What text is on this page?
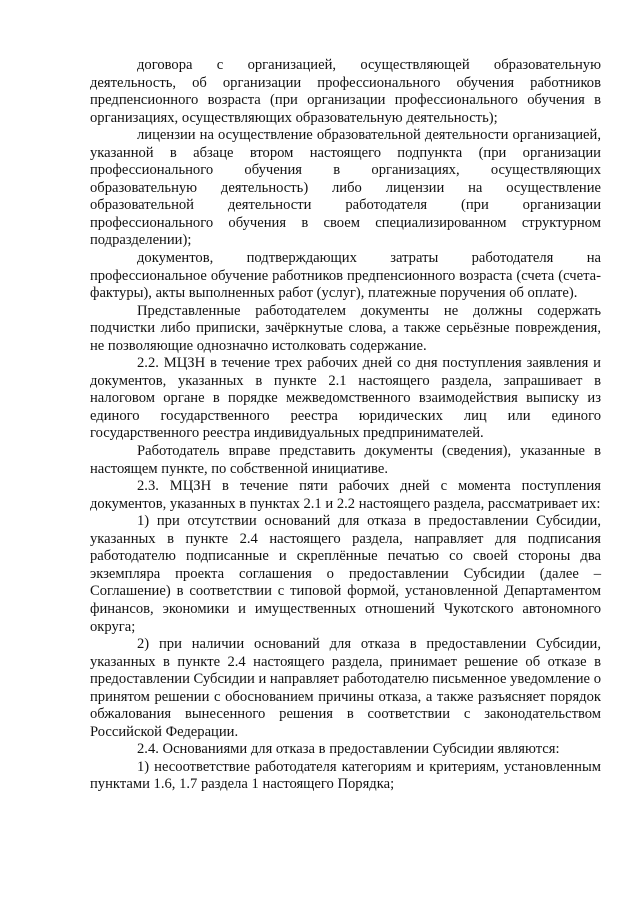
договора с организацией, осуществляющей образовательную деятельность, об организации профессионального обучения работников предпенсионного возраста (при организации профессионального обучения в организациях, осуществляющих образовательную деятельность);

лицензии на осуществление образовательной деятельности организацией, указанной в абзаце втором настоящего подпункта (при организации профессионального обучения в организациях, осуществляющих образовательную деятельность) либо лицензии на осуществление образовательной деятельности работодателя (при организации профессионального обучения в своем специализированном структурном подразделении);

документов, подтверждающих затраты работодателя на профессиональное обучение работников предпенсионного возраста (счета (счета-фактуры), акты выполненных работ (услуг), платежные поручения об оплате).

Представленные работодателем документы не должны содержать подчистки либо приписки, зачёркнутые слова, а также серьёзные повреждения, не позволяющие однозначно истолковать содержание.

2.2. МЦЗН в течение трех рабочих дней со дня поступления заявления и документов, указанных в пункте 2.1 настоящего раздела, запрашивает в налоговом органе в порядке межведомственного взаимодействия выписку из единого государственного реестра юридических лиц или единого государственного реестра индивидуальных предпринимателей.

Работодатель вправе представить документы (сведения), указанные в настоящем пункте, по собственной инициативе.

2.3. МЦЗН в течение пяти рабочих дней с момента поступления документов, указанных в пунктах 2.1 и 2.2 настоящего раздела, рассматривает их:

1) при отсутствии оснований для отказа в предоставлении Субсидии, указанных в пункте 2.4 настоящего раздела, направляет для подписания работодателю подписанные и скреплённые печатью со своей стороны два экземпляра проекта соглашения о предоставлении Субсидии (далее – Соглашение) в соответствии с типовой формой, установленной Департаментом финансов, экономики и имущественных отношений Чукотского автономного округа;

2) при наличии оснований для отказа в предоставлении Субсидии, указанных в пункте 2.4 настоящего раздела, принимает решение об отказе в предоставлении Субсидии и направляет работодателю письменное уведомление о принятом решении с обоснованием причины отказа, а также разъясняет порядок обжалования вынесенного решения в соответствии с законодательством Российской Федерации.

2.4. Основаниями для отказа в предоставлении Субсидии являются:

1) несоответствие работодателя категориям и критериям, установленным пунктами 1.6, 1.7 раздела 1 настоящего Порядка;
